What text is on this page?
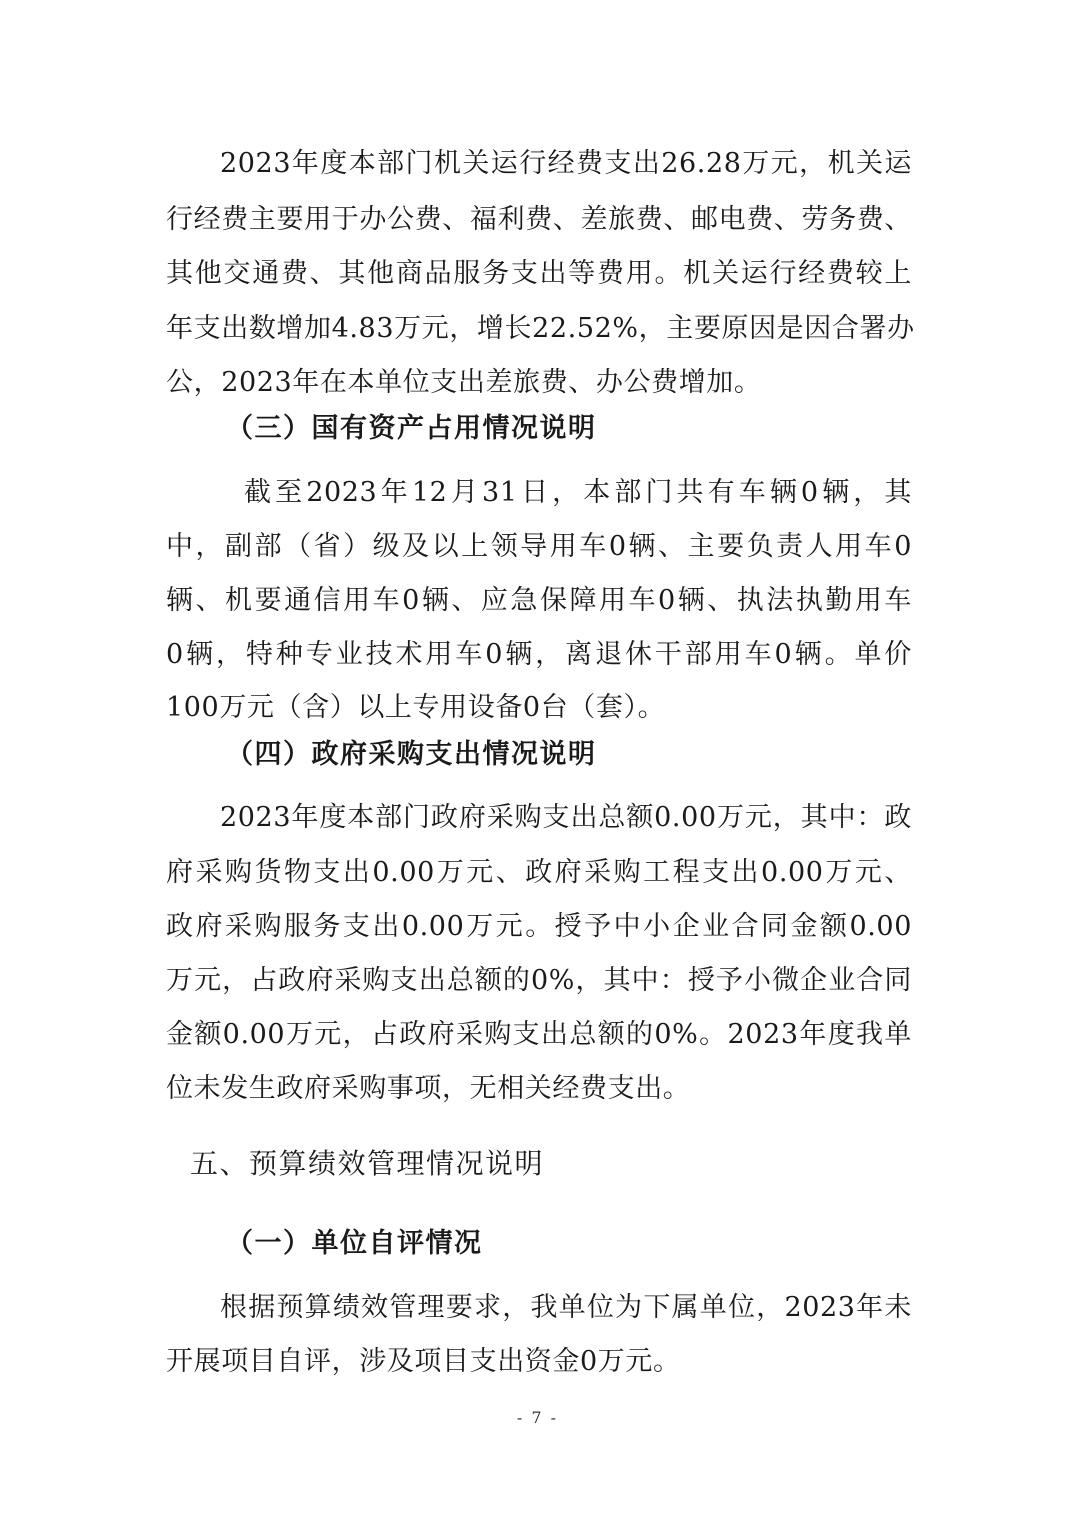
2023年度本部门机关运行经费支出26.28万元，机关运
行经费主要用于办公费、福利费、差旅费、邮电费、劳务费、
其他交通费、其他商品服务支出等费用。机关运行经费较上
年支出数增加4.83万元，增长22.52%，主要原因是因合署办
公，2023年在本单位支出差旅费、办公费增加。
（三）国有资产占用情况说明
截至2023年12月31日，本部门共有车辆0辆，其
中，副部（省）级及以上领导用车0辆、主要负责人用车0
辆、机要通信用车0辆、应急保障用车0辆、执法执勤用车
0辆，特种专业技术用车0辆，离退休干部用车0辆。单价
100万元（含）以上专用设备0台（套）。
（四）政府采购支出情况说明
2023年度本部门政府采购支出总额0.00万元，其中：政
府采购货物支出0.00万元、政府采购工程支出0.00万元、
政府采购服务支出0.00万元。授予中小企业合同金额0.00
万元，占政府采购支出总额的0%，其中：授予小微企业合同
金额0.00万元，占政府采购支出总额的0%。2023年度我单
位未发生政府采购事项，无相关经费支出。
五、预算绩效管理情况说明
（一）单位自评情况
根据预算绩效管理要求，我单位为下属单位，2023年未
开展项目自评，涉及项目支出资金0万元。
- 7 -
